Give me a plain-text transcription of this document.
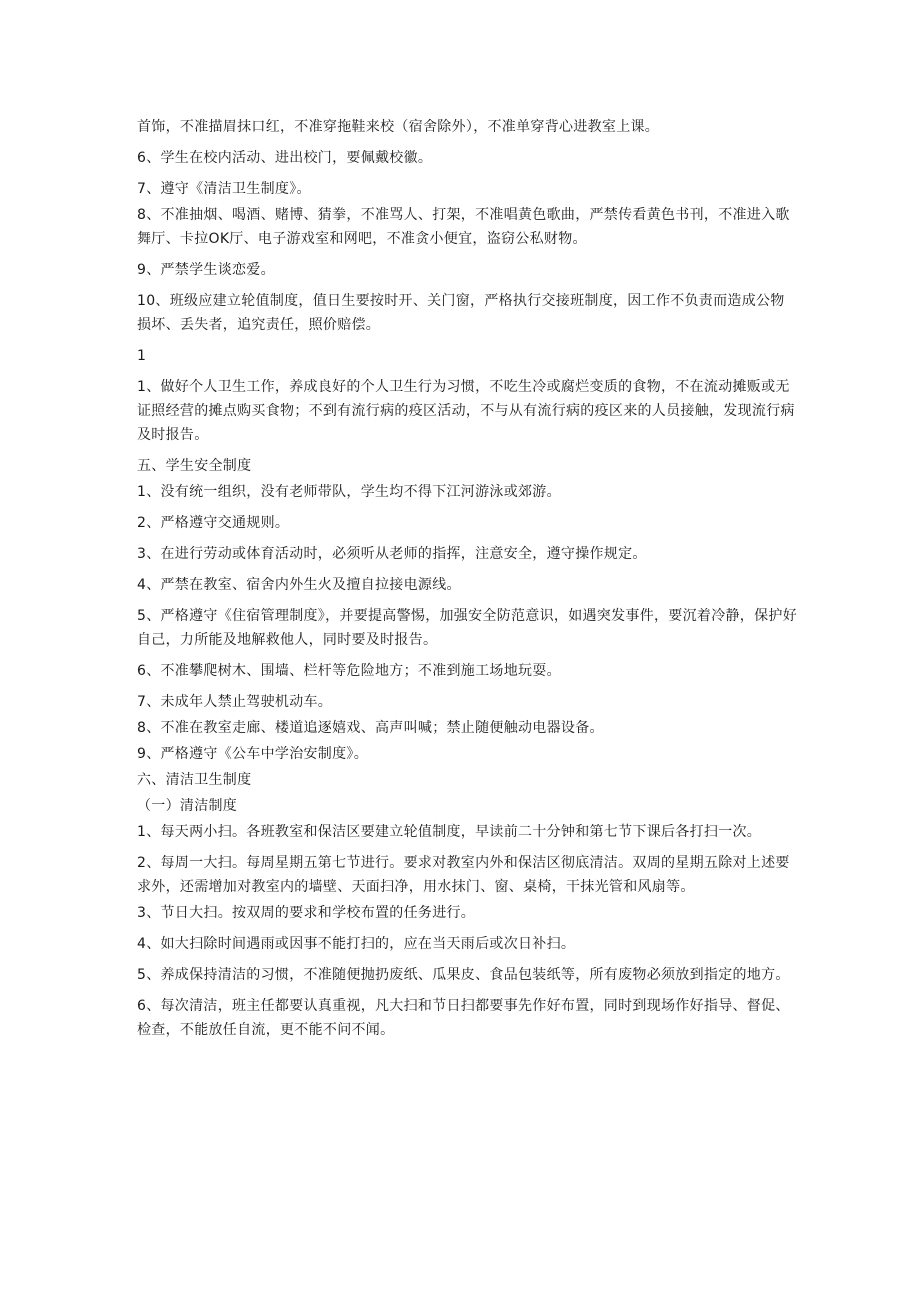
首饰，不准描眉抹口红，不准穿拖鞋来校（宿舍除外），不准单穿背心进教室上课。

6、学生在校内活动、进出校门，要佩戴校徽。

7、遵守《清洁卫生制度》。

8、不准抽烟、喝酒、赌博、猜拳，不准骂人、打架，不准唱黄色歌曲，严禁传看黄色书刊，不准进入歌舞厅、卡拉OK厅、电子游戏室和网吧，不准贪小便宜，盗窃公私财物。

9、严禁学生谈恋爱。

10、班级应建立轮值制度，值日生要按时开、关门窗，严格执行交接班制度，因工作不负责而造成公物损坏、丢失者，追究责任，照价赔偿。

1

1、做好个人卫生工作，养成良好的个人卫生行为习惯，不吃生冷或腐烂变质的食物，不在流动摊贩或无证照经营的摊点购买食物；不到有流行病的疫区活动，不与从有流行病的疫区来的人员接触，发现流行病及时报告。

五、学生安全制度

1、没有统一组织，没有老师带队，学生均不得下江河游泳或郊游。

2、严格遵守交通规则。

3、在进行劳动或体育活动时，必须听从老师的指挥，注意安全，遵守操作规定。

4、严禁在教室、宿舍内外生火及擅自拉接电源线。

5、严格遵守《住宿管理制度》，并要提高警惕，加强安全防范意识，如遇突发事件，要沉着冷静，保护好自己，力所能及地解救他人，同时要及时报告。

6、不准攀爬树木、围墙、栏杆等危险地方；不准到施工场地玩耍。

7、未成年人禁止驾驶机动车。

8、不准在教室走廊、楼道追逐嬉戏、高声叫喊；禁止随便触动电器设备。

9、严格遵守《公车中学治安制度》。

六、清洁卫生制度

（一）清洁制度

1、每天两小扫。各班教室和保洁区要建立轮值制度，早读前二十分钟和第七节下课后各打扫一次。

2、每周一大扫。每周星期五第七节进行。要求对教室内外和保洁区彻底清洁。双周的星期五除对上述要求外，还需增加对教室内的墙壁、天面扫净，用水抹门、窗、桌椅，干抹光管和风扇等。

3、节日大扫。按双周的要求和学校布置的任务进行。

4、如大扫除时间遇雨或因事不能打扫的，应在当天雨后或次日补扫。

5、养成保持清洁的习惯，不准随便抛扔废纸、瓜果皮、食品包装纸等，所有废物必须放到指定的地方。

6、每次清洁，班主任都要认真重视，凡大扫和节日扫都要事先作好布置，同时到现场作好指导、督促、检查，不能放任自流，更不能不问不闻。
